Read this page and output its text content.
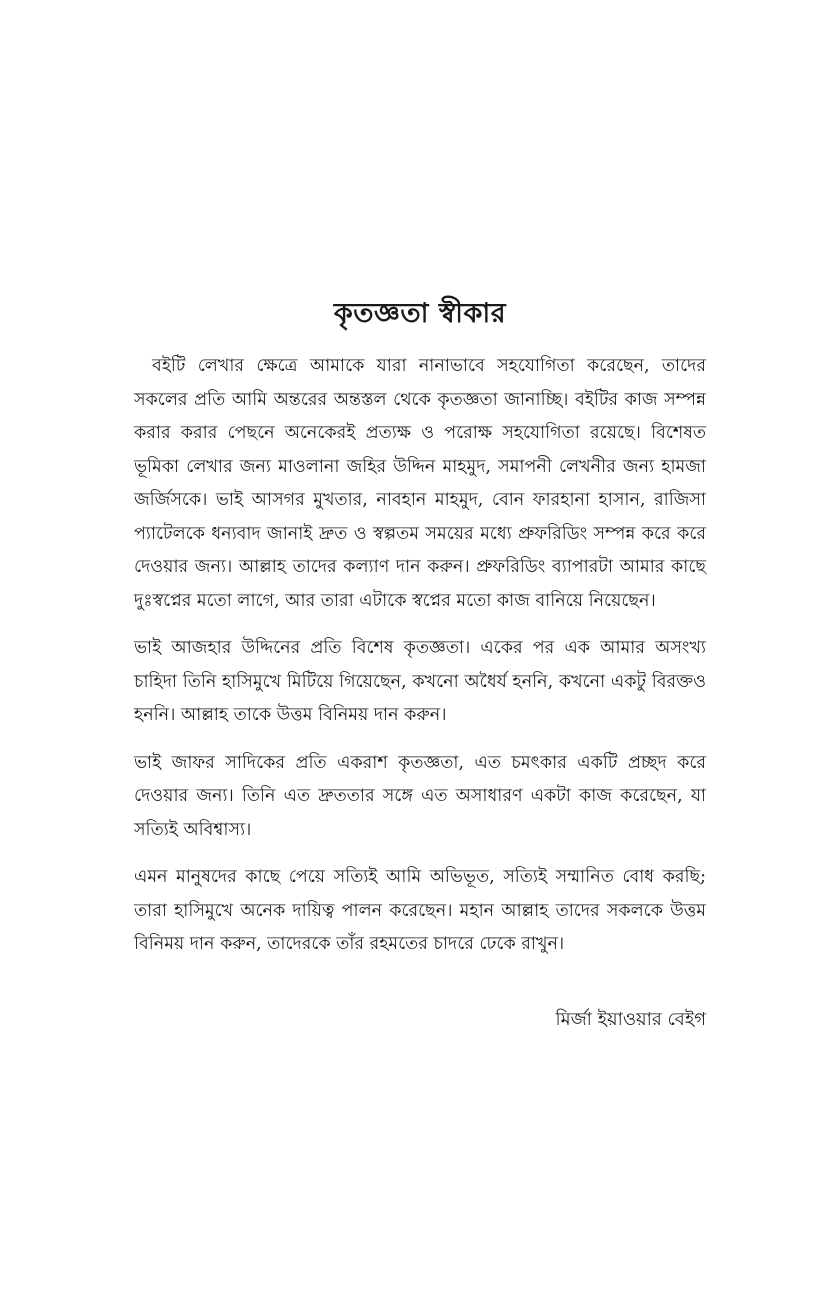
কৃতজ্ঞতা স্বীকার

বইটি লেখার ক্ষেত্রে আমাকে যারা নানাভাবে সহযোগিতা করেছেন, তাদের সকলের প্রতি আমি অন্তরের অন্তস্তল থেকে কৃতজ্ঞতা জানাচ্ছি। বইটির কাজ সম্পন্ন করার করার পেছনে অনেকেরই প্রত্যক্ষ ও পরোক্ষ সহযোগিতা রয়েছে। বিশেষত ভূমিকা লেখার জন্য মাওলানা জহির উদ্দিন মাহমুদ, সমাপনী লেখনীর জন্য হামজা জর্জিসকে। ভাই আসগর মুখতার, নাবহান মাহমুদ, বোন ফারহানা হাসান, রাজিসা প্যাটেলকে ধন্যবাদ জানাই দ্রুত ও স্বল্পতম সময়ের মধ্যে প্রুফরিডিং সম্পন্ন করে করে দেওয়ার জন্য। আল্লাহ তাদের কল্যাণ দান করুন। প্রুফরিডিং ব্যাপারটা আমার কাছে দুঃস্বপ্নের মতো লাগে, আর তারা এটাকে স্বপ্নের মতো কাজ বানিয়ে নিয়েছেন।

ভাই আজহার উদ্দিনের প্রতি বিশেষ কৃতজ্ঞতা। একের পর এক আমার অসংখ্য চাহিদা তিনি হাসিমুখে মিটিয়ে গিয়েছেন, কখনো অধৈর্য হননি, কখনো একটু বিরক্তও হননি। আল্লাহ তাকে উত্তম বিনিময় দান করুন।

ভাই জাফর সাদিকের প্রতি একরাশ কৃতজ্ঞতা, এত চমৎকার একটি প্রচ্ছদ করে দেওয়ার জন্য। তিনি এত দ্রুততার সঙ্গে এত অসাধারণ একটা কাজ করেছেন, যা সত্যিই অবিশ্বাস্য।

এমন মানুষদের কাছে পেয়ে সত্যিই আমি অভিভূত, সত্যিই সম্মানিত বোধ করছি; তারা হাসিমুখে অনেক দায়িত্ব পালন করেছেন। মহান আল্লাহ তাদের সকলকে উত্তম বিনিময় দান করুন, তাদেরকে তাঁর রহমতের চাদরে ঢেকে রাখুন।

মির্জা ইয়াওয়ার বেইগ
